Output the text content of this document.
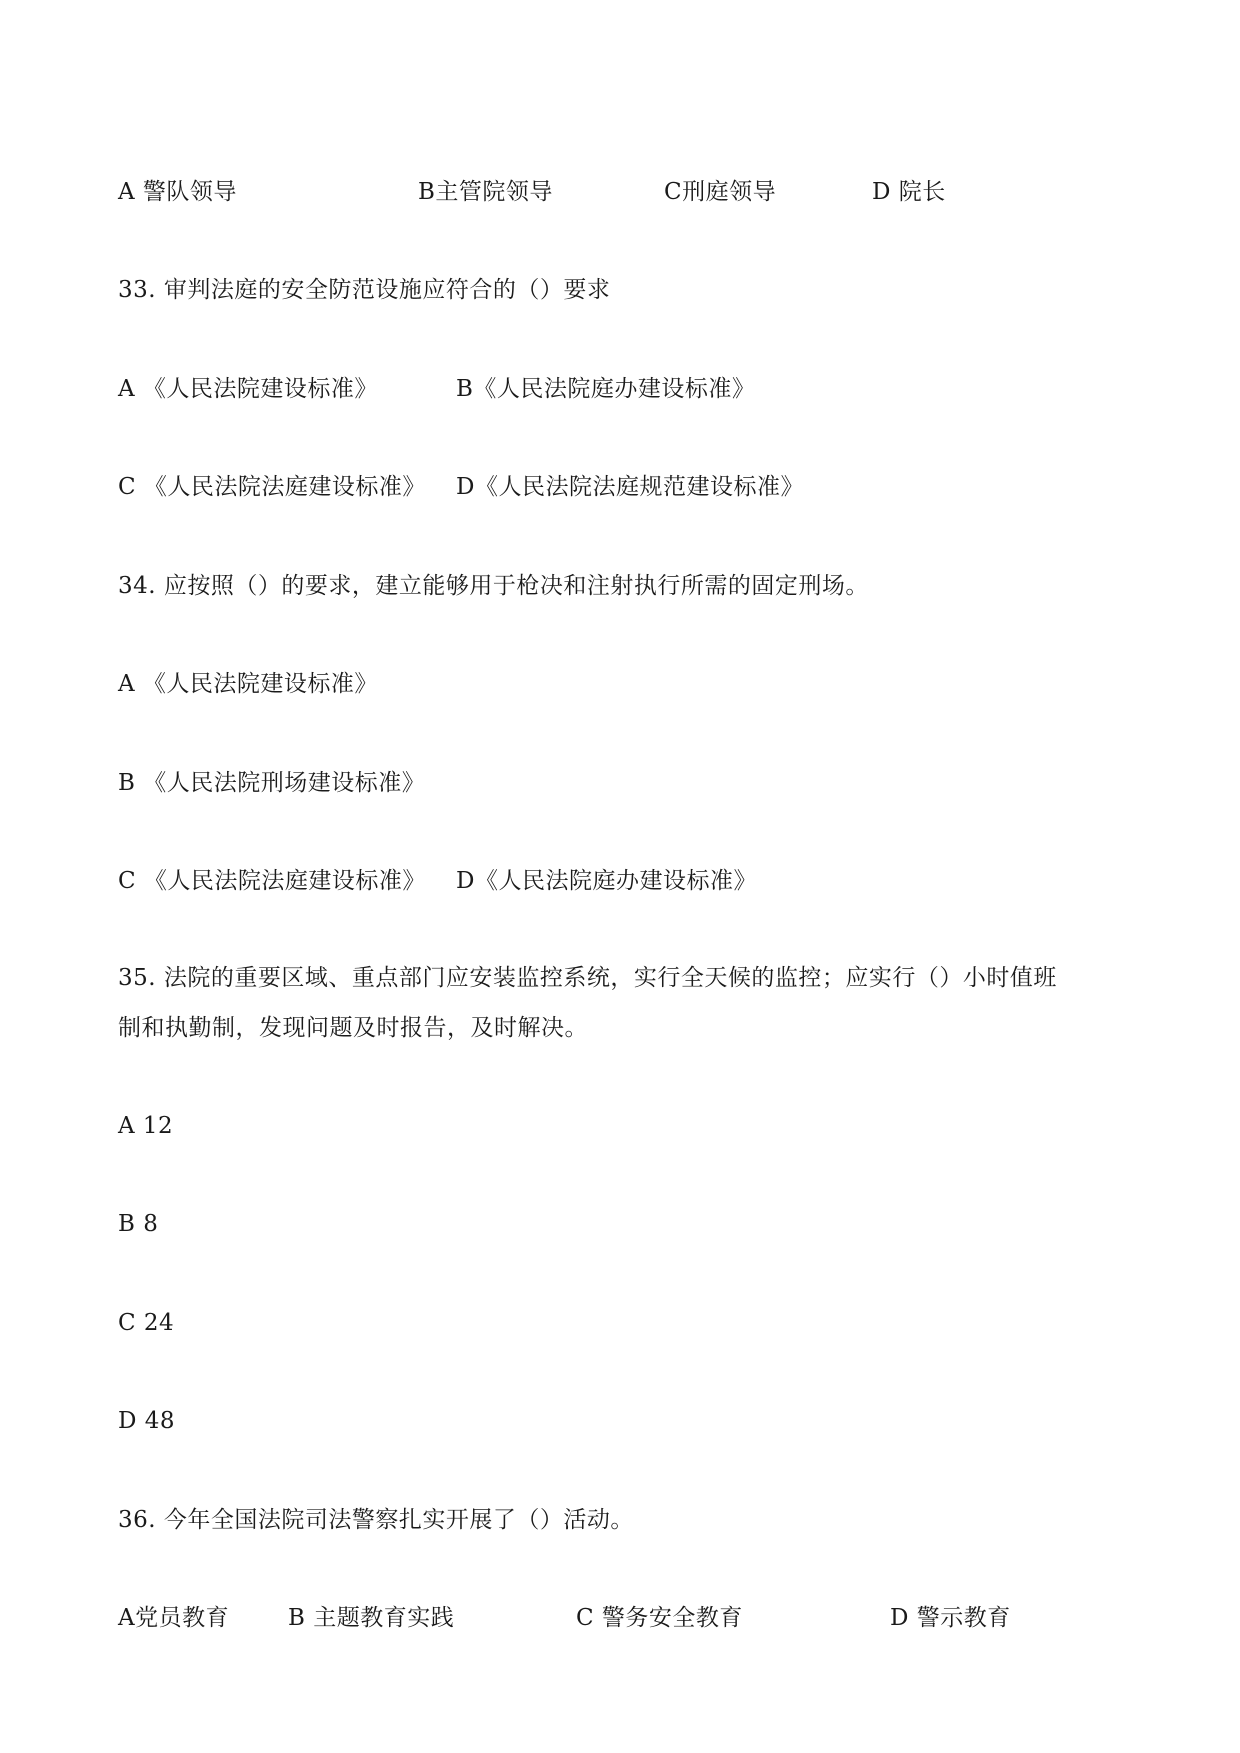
A 警队领导	B主管院领导	C刑庭领导	D 院长
33. 审判法庭的安全防范设施应符合的（）要求
A 《人民法院建设标准》	B《人民法院庭办建设标准》
C 《人民法院法庭建设标准》 D《人民法院法庭规范建设标准》
34. 应按照（）的要求，建立能够用于枪决和注射执行所需的固定刑场。
A 《人民法院建设标准》
B 《人民法院刑场建设标准》
C 《人民法院法庭建设标准》 D《人民法院庭办建设标准》
35. 法院的重要区域、重点部门应安装监控系统，实行全天候的监控；应实行（）小时值班
制和执勤制，发现问题及时报告，及时解决。
A 12
B 8
C 24
D 48
36. 今年全国法院司法警察扎实开展了（）活动。
A党员教育	B 主题教育实践	C 警务安全教育	D 警示教育
